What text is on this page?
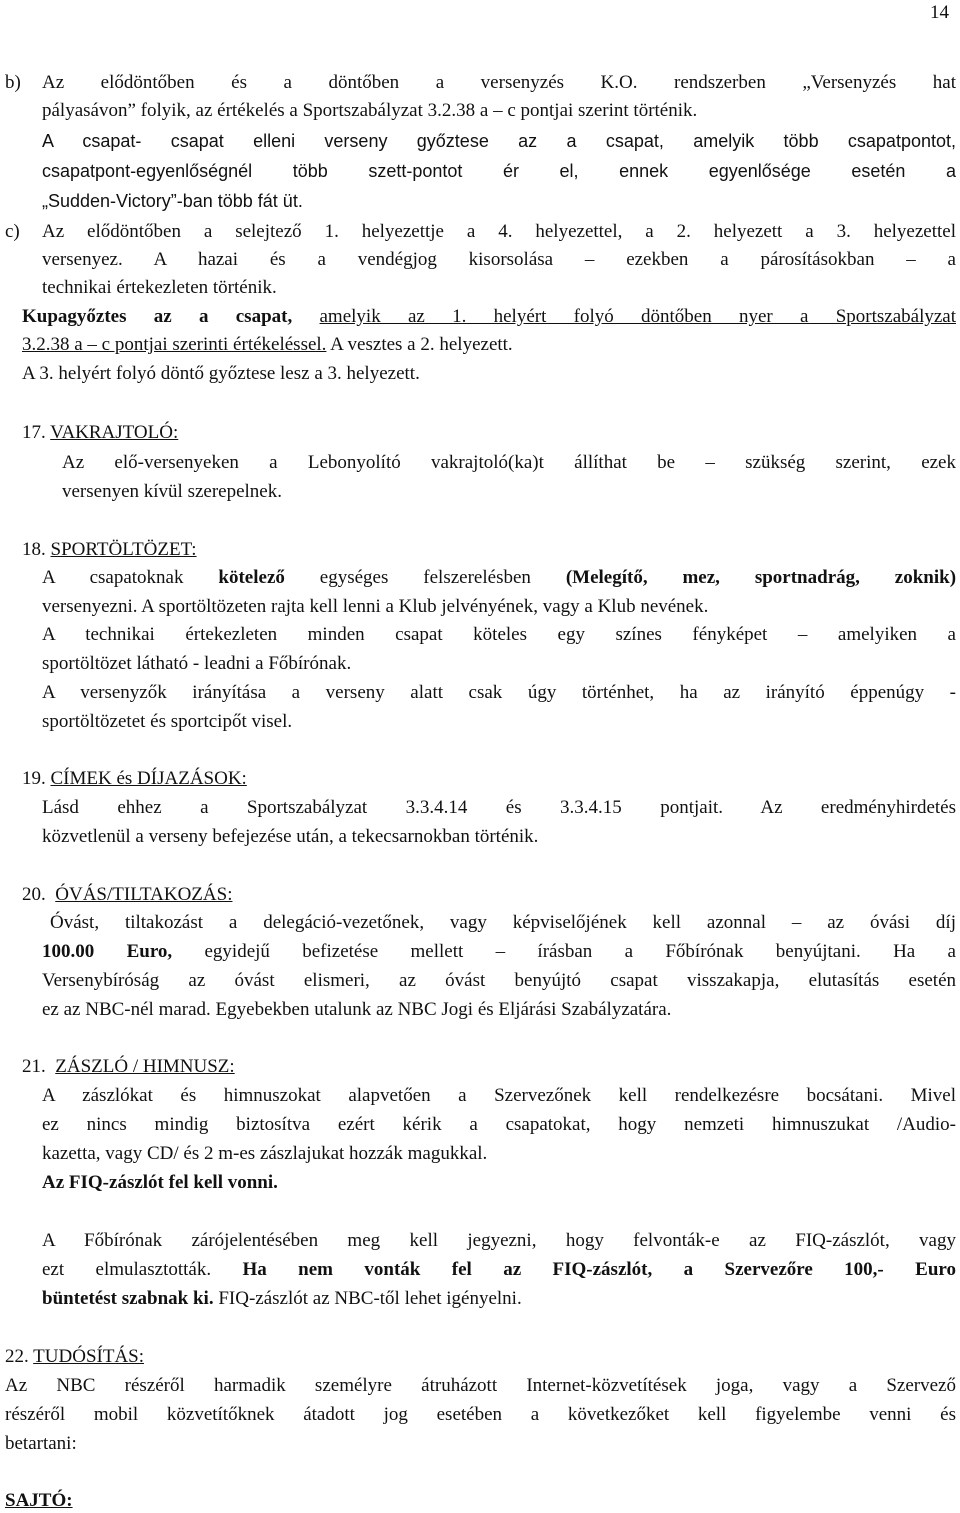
14
b) Az elődöntőben és a döntőben a versenyzés K.O. rendszerben „Versenyzés hat
pályasávon” folyik, az értékelés a Sportszabályzat 3.2.38 a – c pontjai szerint történik.
A csapat- csapat elleni verseny győztese az a csapat, amelyik több csapatpontot,
csapatpont-egyenlőségnél több szett-pontot ér el, ennek egyenlősége esetén a
„Sudden-Victory”-ban több fát üt.
c) Az elődöntőben a selejtező 1. helyezettje a 4. helyezettel, a 2. helyezett a 3. helyezettel
versenyez. A hazai és a vendégjog kisorsolása – ezekben a párosításokban – a
technikai értekezleten történik.
Kupagyőztes az a csapat, amelyik az 1. helyért folyó döntőben nyer a Sportszabályzat
3.2.38 a – c pontjai szerinti értékeléssel. A vesztes a 2. helyezett.
A 3. helyért folyó döntő győztese lesz a 3. helyezett.
17. VAKRAJTOLÓ:
Az elő-versenyeken a Lebonyolító vakrajtoló(ka)t állíthat be – szükség szerint, ezek
versenyen kívül szerepelnek.
18. SPORTÖLTÖZET:
A csapatoknak kötelező egységes felszerelésben (Melegítő, mez, sportnadrág, zoknik)
versenyezni. A sportöltözeten rajta kell lenni a Klub jelvényének, vagy a Klub nevének.
A technikai értekezleten minden csapat köteles egy színes fényképet – amelyiken a
sportöltözet látható - leadni a Főbírónak.
A versenyzők irányítása a verseny alatt csak úgy történhet, ha az irányító éppenúgy -
sportöltözetet és sportcipőt visel.
19. CÍMEK és DÍJAZÁSOK:
Lásd ehhez a Sportszabályzat 3.3.4.14 és 3.3.4.15 pontjait. Az eredményhirdetés
közvetlenül a verseny befejezése után, a tekecsarnokban történik.
20. ÓVÁS/TILTAKOZÁS:
Óvást, tiltakozást a delegáció-vezetőnek, vagy képviselőjének kell azonnal – az óvási díj
100.00 Euro, egyidejű befizetése mellett – írásban a Főbírónak benyújtani. Ha a
Versenybíróság az óvást elismeri, az óvást benyújtó csapat visszakapja, elutasítás esetén
ez az NBC-nél marad. Egyebekben utalunk az NBC Jogi és Eljárási Szabályzatára.
21. ZÁSZLÓ / HIMNUSZ:
A zászlókat és himnuszokat alapvetően a Szervezőnek kell rendelkezésre bocsátani. Mivel
ez nincs mindig biztosítva ezért kérik a csapatokat, hogy nemzeti himnuszukat /Audio-
kazetta, vagy CD/ és 2 m-es zászlajukat hozzák magukkal.
Az FIQ-zászlót fel kell vonni.
A Főbírónak zárójelentésében meg kell jegyezni, hogy felvonták-e az FIQ-zászlót, vagy
ezt elmulasztották. Ha nem vonták fel az FIQ-zászlót, a Szervezőre 100,- Euro
büntetést szabnak ki. FIQ-zászlót az NBC-től lehet igényelni.
22. TUDÓSÍTÁS:
Az NBC részéről harmadik személyre átruházott Internet-közvetítések joga, vagy a Szervező
részéről mobil közvetítőknek átadott jog esetében a következőket kell figyelembe venni és
betartani:
SAJTÓ:
